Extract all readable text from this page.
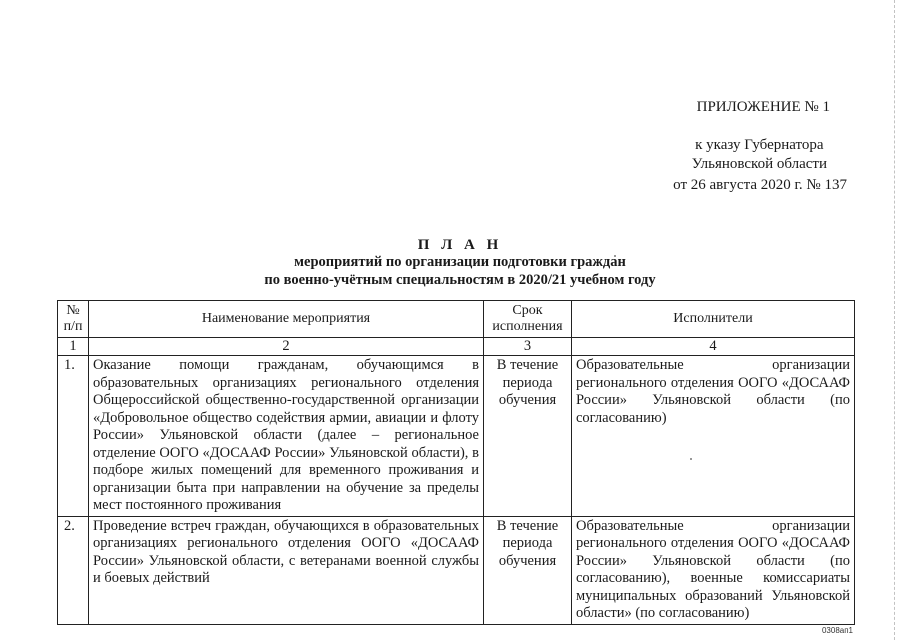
ПРИЛОЖЕНИЕ № 1
к указу Губернатора
Ульяновской области
от 26 августа 2020 г. № 137
П Л А Н
мероприятий по организации подготовки граждан
по военно-учётным специальностям в 2020/21 учебном году
№ п/п	Наименование мероприятия	Срок исполнения	Исполнители
1	2	3	4
1.	Оказание помощи гражданам, обучающимся в образовательных организациях регионального отделения Общероссийской общественно-государственной организации «Добровольное общество содействия армии, авиации и флоту России» Ульяновской области (далее – региональное отделение ООГО «ДОСААФ России» Ульяновской области), в подборе жилых помещений для временного проживания и организации быта при направлении на обучение за пределы мест постоянного проживания	В течение периода обучения	Образовательные организации регионального отделения ООГО «ДОСААФ России» Ульяновской области (по согласованию)
2.	Проведение встреч граждан, обучающихся в образовательных организациях регионального отделения ООГО «ДОСААФ России» Ульяновской области, с ветеранами военной службы и боевых действий	В течение периода обучения	Образовательные организации регионального отделения ООГО «ДОСААФ России» Ульяновской области (по согласованию), военные комиссариаты муниципальных образований Ульяновской области» (по согласованию)
0308ап1
